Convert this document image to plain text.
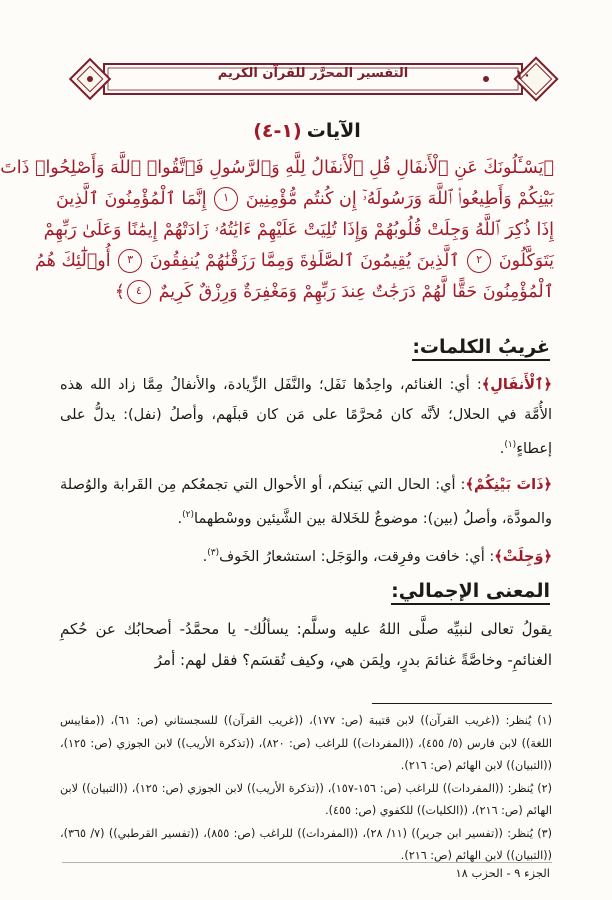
التفسير المحرَّر للقرآن الكريم	١٠
الآيات (١-٤)
﴿يَسْـَٔلُونَكَ عَنِ ٱلْأَنفَالِ قُلِ ٱلْأَنفَالُ لِلَّهِ وَٱلرَّسُولِ فَٱتَّقُوا۟ ٱللَّهَ وَأَصْلِحُوا۟ ذَاتَ
بَيْنِكُمْ وَأَطِيعُوا۟ ٱللَّهَ وَرَسُولَهُۥٓ إِن كُنتُم مُّؤْمِنِينَ ١ إِنَّمَا ٱلْمُؤْمِنُونَ ٱلَّذِينَ
إِذَا ذُكِرَ ٱللَّهُ وَجِلَتْ قُلُوبُهُمْ وَإِذَا تُلِيَتْ عَلَيْهِمْ ءَايَٰتُهُۥ زَادَتْهُمْ إِيمَٰنًا وَعَلَىٰ رَبِّهِمْ
يَتَوَكَّلُونَ ٢ ٱلَّذِينَ يُقِيمُونَ ٱلصَّلَوٰةَ وَمِمَّا رَزَقْنَٰهُمْ يُنفِقُونَ ٣ أُو۟لَٰٓئِكَ هُمُ
ٱلْمُؤْمِنُونَ حَقًّا لَّهُمْ دَرَجَٰتٌ عِندَ رَبِّهِمْ وَمَغْفِرَةٌ وَرِزْقٌ كَرِيمٌ ٤﴾
غريبُ الكلمات:
﴿ٱلْأَنفَالِ﴾: أي: الغنائم، واحِدُها نَفَل؛ والنَّفَل الزِّيادة، والأنفالُ مِمَّا زاد الله هذه الأُمَّة في الحلال؛ لأنَّه كان مُحرَّمًا على مَن كان قبلَهم، وأصلُ (نفل): يدلُّ على إعطاءٍ$^{(١)}$.
﴿ذَاتَ بَيْنِكُمْ﴾: أي: الحال التي بَينكم، أو الأحوال التي تجمعُكم مِن القَرابة والوُصلة والمودَّة، وأصلُ (بين): موضوعٌ للخَلالة بين الشَّيئين ووسْطهما$^{(٢)}$.
﴿وَجِلَتْ﴾: أي: خافت وفرِقت، والوَجَل: استشعارُ الخَوف$^{(٣)}$.
المعنى الإجمالي:
يقولُ تعالى لنبيِّه صلَّى اللهُ عليه وسلَّم: يسألُك- يا محمَّدُ- أصحابُك عن حُكمِ الغنائمِ- وخاصَّةً غنائمَ بدرٍ، ولِمَن هي، وكيف تُقسَم؟ فقل لهم: أمرُ

(١) يُنظر: ((غريب القرآن)) لابن قتيبة (ص: ١٧٧)، ((غريب القرآن)) للسجستاني (ص: ٦١)، ((مقاييس اللغة)) لابن فارس (٥/ ٤٥٥)، ((المفردات)) للراغب (ص: ٨٢٠)، ((تذكرة الأريب)) لابن الجوزي (ص: ١٢٥)، ((التبيان)) لابن الهائم (ص: ٢١٦).

(٢) يُنظر: ((المفردات)) للراغب (ص: ١٥٦-١٥٧)، ((تذكرة الأريب)) لابن الجوزي (ص: ١٢٥)، ((التبيان)) لابن الهائم (ص: ٢١٦)، ((الكليات)) للكفوي (ص: ٤٥٥).

(٣) يُنظر: ((تفسير ابن جرير)) (١١/ ٢٨)، ((المفردات)) للراغب (ص: ٨٥٥)، ((تفسير القرطبي)) (٧/ ٣٦٥)، ((التبيان)) لابن الهائم (ص: ٢١٦).

الجزء ٩ - الحزب ١٨
